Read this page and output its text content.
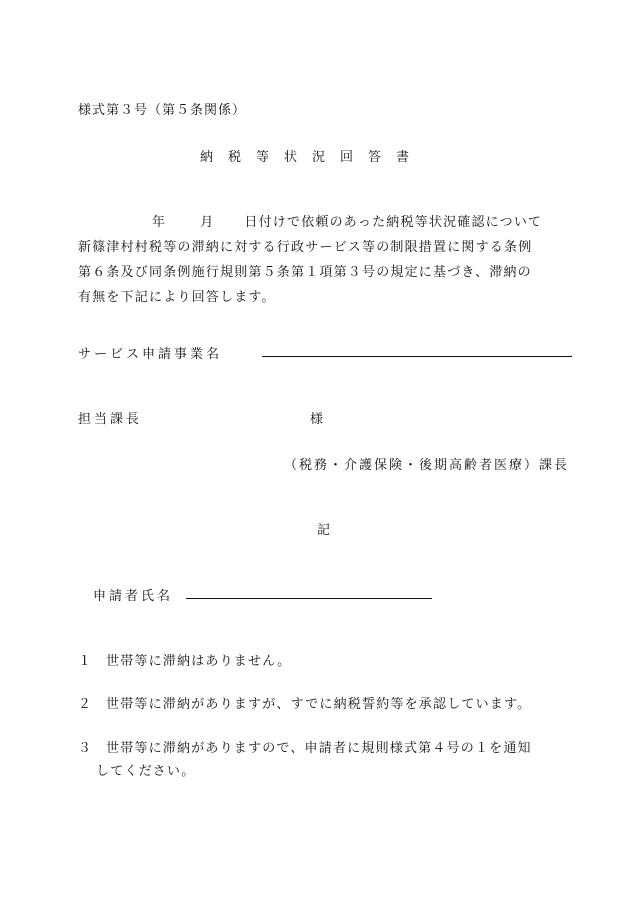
様式第３号（第５条関係）
納税等状況回答書
年	月 日付けで依頼のあった納税等状況確認について
新篠津村村税等の滞納に対する行政サービス等の制限措置に関する条例
第６条及び同条例施行規則第５条第１項第３号の規定に基づき、滞納の
有無を下記により回答します。
サービス申請事業名
担当課長	様
（税務・介護保険・後期高齢者医療）課長
記
申請者氏名
１ 世帯等に滞納はありません。
２ 世帯等に滞納がありますが、すでに納税誓約等を承認しています。
３ 世帯等に滞納がありますので、申請者に規則様式第４号の１を通知
してください。
